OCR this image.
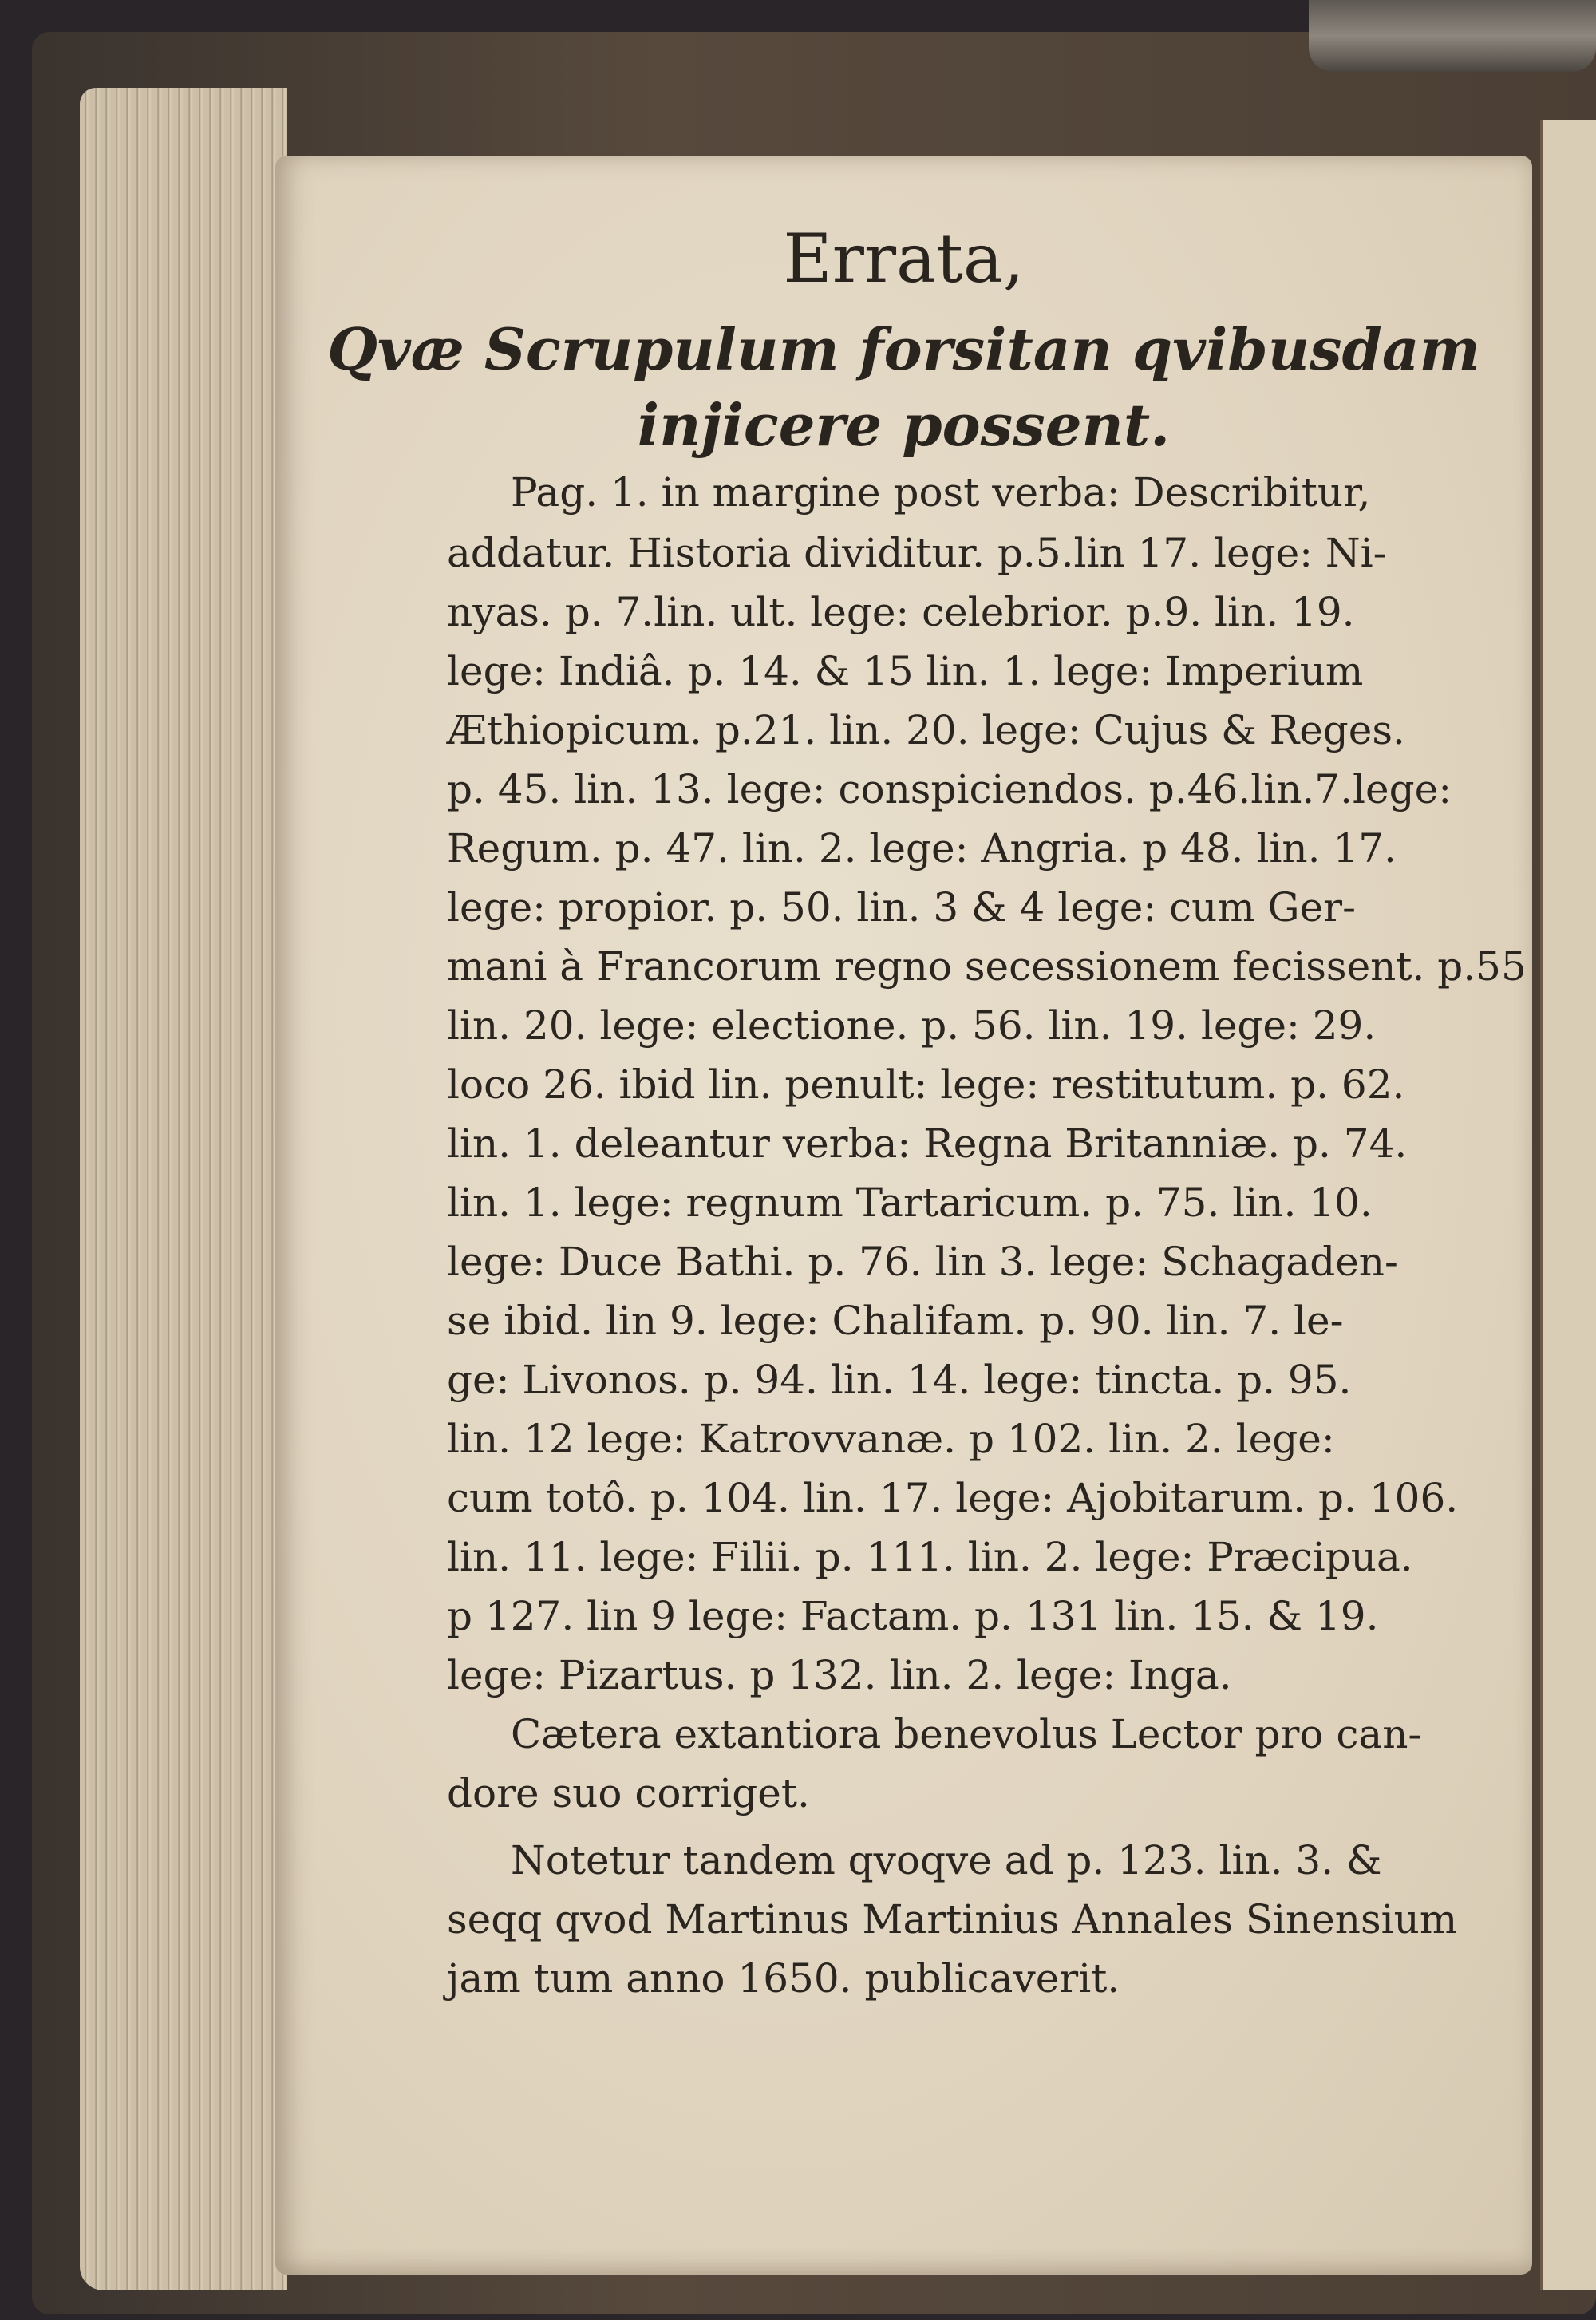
Errata,
Qvæ Scrupulum forsitan qvibusdam
injicere possent.
Pag. 1. in margine post verba: Describitur,
addatur. Historia dividitur. p.5.lin 17. lege: Ni-
nyas. p. 7.lin. ult. lege: celebrior. p.9. lin. 19.
lege: Indiâ. p. 14. & 15 lin. 1. lege: Imperium
Æthiopicum. p.21. lin. 20. lege: Cujus & Reges.
p. 45. lin. 13. lege: conspiciendos. p.46.lin.7.lege:
Regum. p. 47. lin. 2. lege: Angria. p 48. lin. 17.
lege: propior. p. 50. lin. 3 & 4 lege: cum Ger-
mani à Francorum regno secessionem fecissent. p.55
lin. 20. lege: electione. p. 56. lin. 19. lege: 29.
loco 26. ibid lin. penult: lege: restitutum. p. 62.
lin. 1. deleantur verba: Regna Britanniæ. p. 74.
lin. 1. lege: regnum Tartaricum. p. 75. lin. 10.
lege: Duce Bathi. p. 76. lin 3. lege: Schagaden-
se ibid. lin 9. lege: Chalifam. p. 90. lin. 7. le-
ge: Livonos. p. 94. lin. 14. lege: tincta. p. 95.
lin. 12 lege: Katrovvanæ. p 102. lin. 2. lege:
cum totô. p. 104. lin. 17. lege: Ajobitarum. p. 106.
lin. 11. lege: Filii. p. 111. lin. 2. lege: Præcipua.
p 127. lin 9 lege: Factam. p. 131 lin. 15. & 19.
lege: Pizartus. p 132. lin. 2. lege: Inga.
Cætera extantiora benevolus Lector pro can-
dore suo corriget.
Notetur tandem qvoqve ad p. 123. lin. 3. &
seqq qvod Martinus Martinius Annales Sinensium
jam tum anno 1650. publicaverit.
